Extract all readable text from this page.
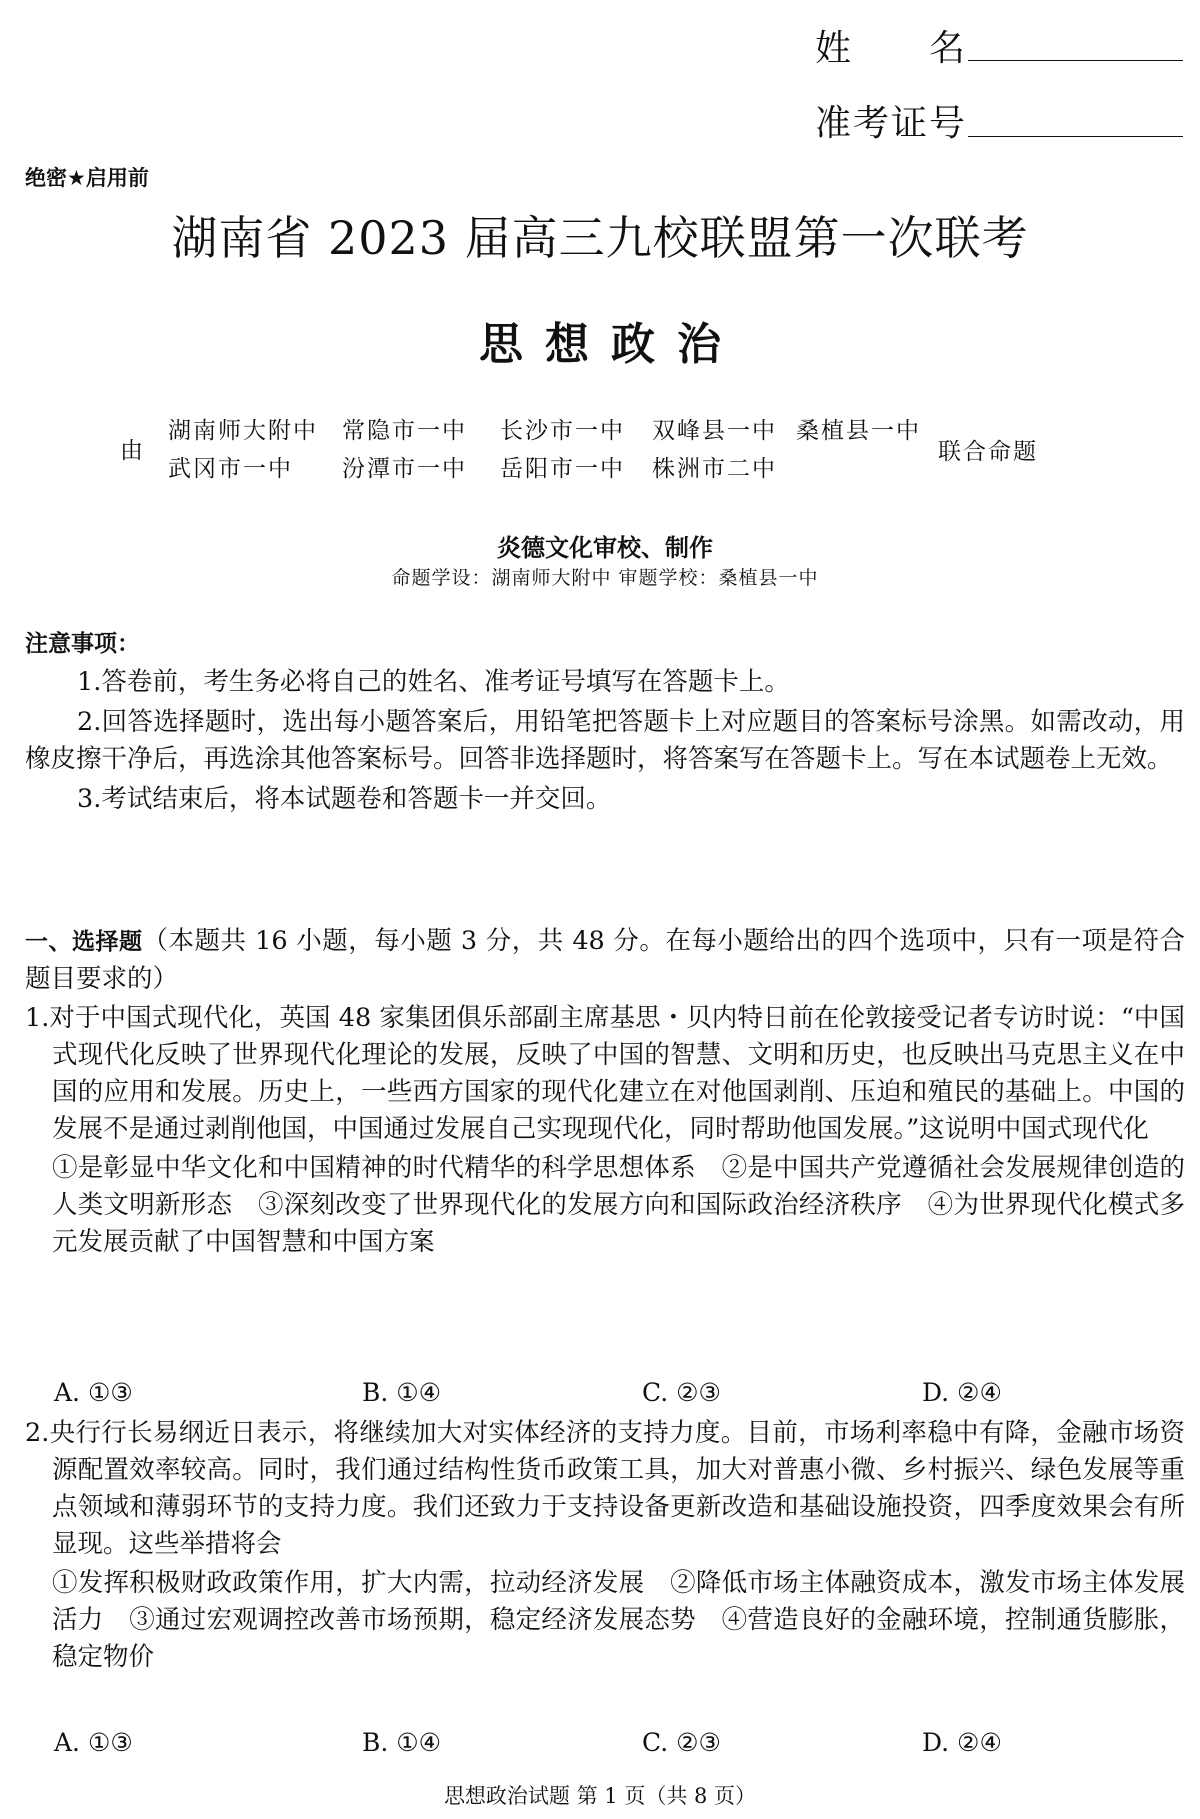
姓　　名
准考证号
绝密★启用前
湖南省 2023 届高三九校联盟第一次联考
思想政治
由
湖南师大附中 常隐市一中 长沙市一中 双峰县一中 桑植县一中
武冈市一中 汾潭市一中 岳阳市一中 株洲市二中
联合命题
炎德文化审校、制作
命题学设：湖南师大附中 审题学校：桑植县一中
注意事项：
1.答卷前，考生务必将自己的姓名、准考证号填写在答题卡上。
2.回答选择题时，选出每小题答案后，用铅笔把答题卡上对应题目的答案标号涂黑。如需改动，用橡皮擦干净后，再选涂其他答案标号。回答非选择题时，将答案写在答题卡上。写在本试题卷上无效。
3.考试结束后，将本试题卷和答题卡一并交回。
一、选择题（本题共 16 小题，每小题 3 分，共 48 分。在每小题给出的四个选项中，只有一项是符合题目要求的）
1.对于中国式现代化，英国 48 家集团俱乐部副主席基思・贝内特日前在伦敦接受记者专访时说：“中国式现代化反映了世界现代化理论的发展，反映了中国的智慧、文明和历史，也反映出马克思主义在中国的应用和发展。历史上，一些西方国家的现代化建立在对他国剥削、压迫和殖民的基础上。中国的发展不是通过剥削他国，中国通过发展自己实现现代化，同时帮助他国发展。”这说明中国式现代化
①是彰显中华文化和中国精神的时代精华的科学思想体系　②是中国共产党遵循社会发展规律创造的人类文明新形态　③深刻改变了世界现代化的发展方向和国际政治经济秩序　④为世界现代化模式多元发展贡献了中国智慧和中国方案
A. ①③	B. ①④	C. ②③	D. ②④
2.央行行长易纲近日表示，将继续加大对实体经济的支持力度。目前，市场利率稳中有降，金融市场资源配置效率较高。同时，我们通过结构性货币政策工具，加大对普惠小微、乡村振兴、绿色发展等重点领域和薄弱环节的支持力度。我们还致力于支持设备更新改造和基础设施投资，四季度效果会有所显现。这些举措将会
①发挥积极财政政策作用，扩大内需，拉动经济发展　②降低市场主体融资成本，激发市场主体发展活力　③通过宏观调控改善市场预期，稳定经济发展态势　④营造良好的金融环境，控制通货膨胀，稳定物价
A. ①③	B. ①④	C. ②③	D. ②④
思想政治试题 第 1 页（共 8 页）
